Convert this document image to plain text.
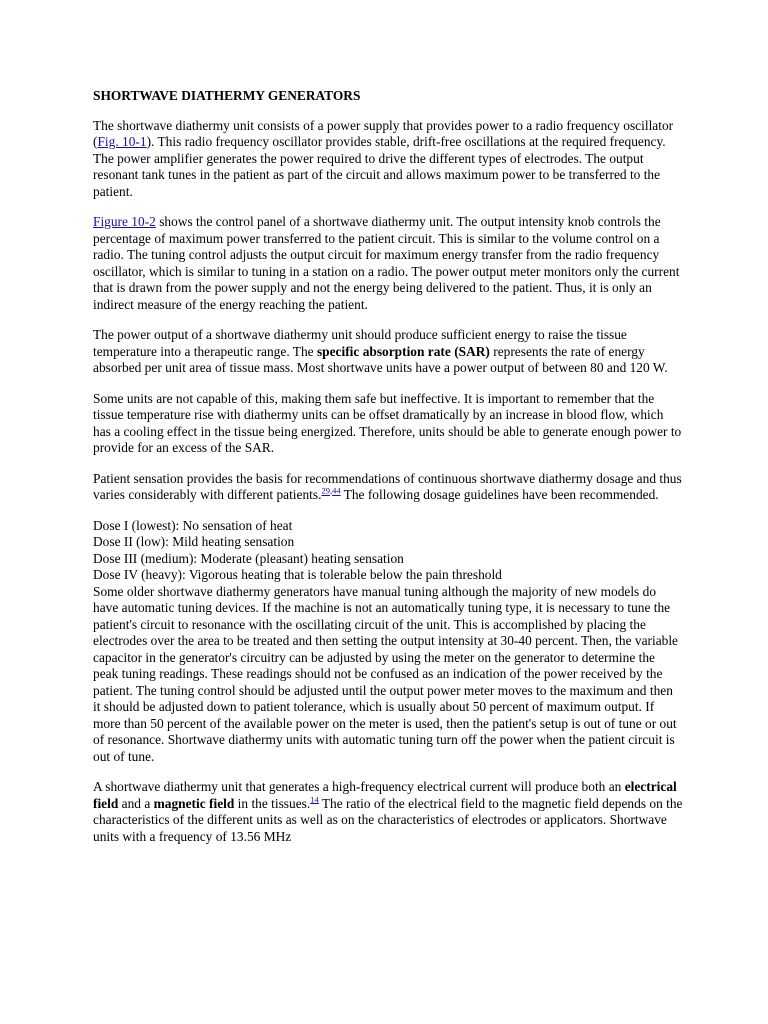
SHORTWAVE DIATHERMY GENERATORS

The shortwave diathermy unit consists of a power supply that provides power to a radio frequency oscillator (Fig. 10-1). This radio frequency oscillator provides stable, drift-free oscillations at the required frequency. The power amplifier generates the power required to drive the different types of electrodes. The output resonant tank tunes in the patient as part of the circuit and allows maximum power to be transferred to the patient.

Figure 10-2 shows the control panel of a shortwave diathermy unit. The output intensity knob controls the percentage of maximum power transferred to the patient circuit. This is similar to the volume control on a radio. The tuning control adjusts the output circuit for maximum energy transfer from the radio frequency oscillator, which is similar to tuning in a station on a radio. The power output meter monitors only the current that is drawn from the power supply and not the energy being delivered to the patient. Thus, it is only an indirect measure of the energy reaching the patient.

The power output of a shortwave diathermy unit should produce sufficient energy to raise the tissue temperature into a therapeutic range. The specific absorption rate (SAR) represents the rate of energy absorbed per unit area of tissue mass. Most shortwave units have a power output of between 80 and 120 W.

Some units are not capable of this, making them safe but ineffective. It is important to remember that the tissue temperature rise with diathermy units can be offset dramatically by an increase in blood flow, which has a cooling effect in the tissue being energized. Therefore, units should be able to generate enough power to provide for an excess of the SAR.

Patient sensation provides the basis for recommendations of continuous shortwave diathermy dosage and thus varies considerably with different patients.$^{29,44}$ The following dosage guidelines have been recommended.

Dose I (lowest): No sensation of heat
Dose II (low): Mild heating sensation
Dose III (medium): Moderate (pleasant) heating sensation
Dose IV (heavy): Vigorous heating that is tolerable below the pain threshold

Some older shortwave diathermy generators have manual tuning although the majority of new models do have automatic tuning devices. If the machine is not an automatically tuning type, it is necessary to tune the patient's circuit to resonance with the oscillating circuit of the unit. This is accomplished by placing the electrodes over the area to be treated and then setting the output intensity at 30-40 percent. Then, the variable capacitor in the generator's circuitry can be adjusted by using the meter on the generator to determine the peak tuning readings. These readings should not be confused as an indication of the power received by the patient. The tuning control should be adjusted until the output power meter moves to the maximum and then it should be adjusted down to patient tolerance, which is usually about 50 percent of maximum output. If more than 50 percent of the available power on the meter is used, then the patient's setup is out of tune or out of resonance. Shortwave diathermy units with automatic tuning turn off the power when the patient circuit is out of tune.

A shortwave diathermy unit that generates a high-frequency electrical current will produce both an electrical field and a magnetic field in the tissues.$^{14}$ The ratio of the electrical field to the magnetic field depends on the characteristics of the different units as well as on the characteristics of electrodes or applicators. Shortwave units with a frequency of 13.56 MHz
